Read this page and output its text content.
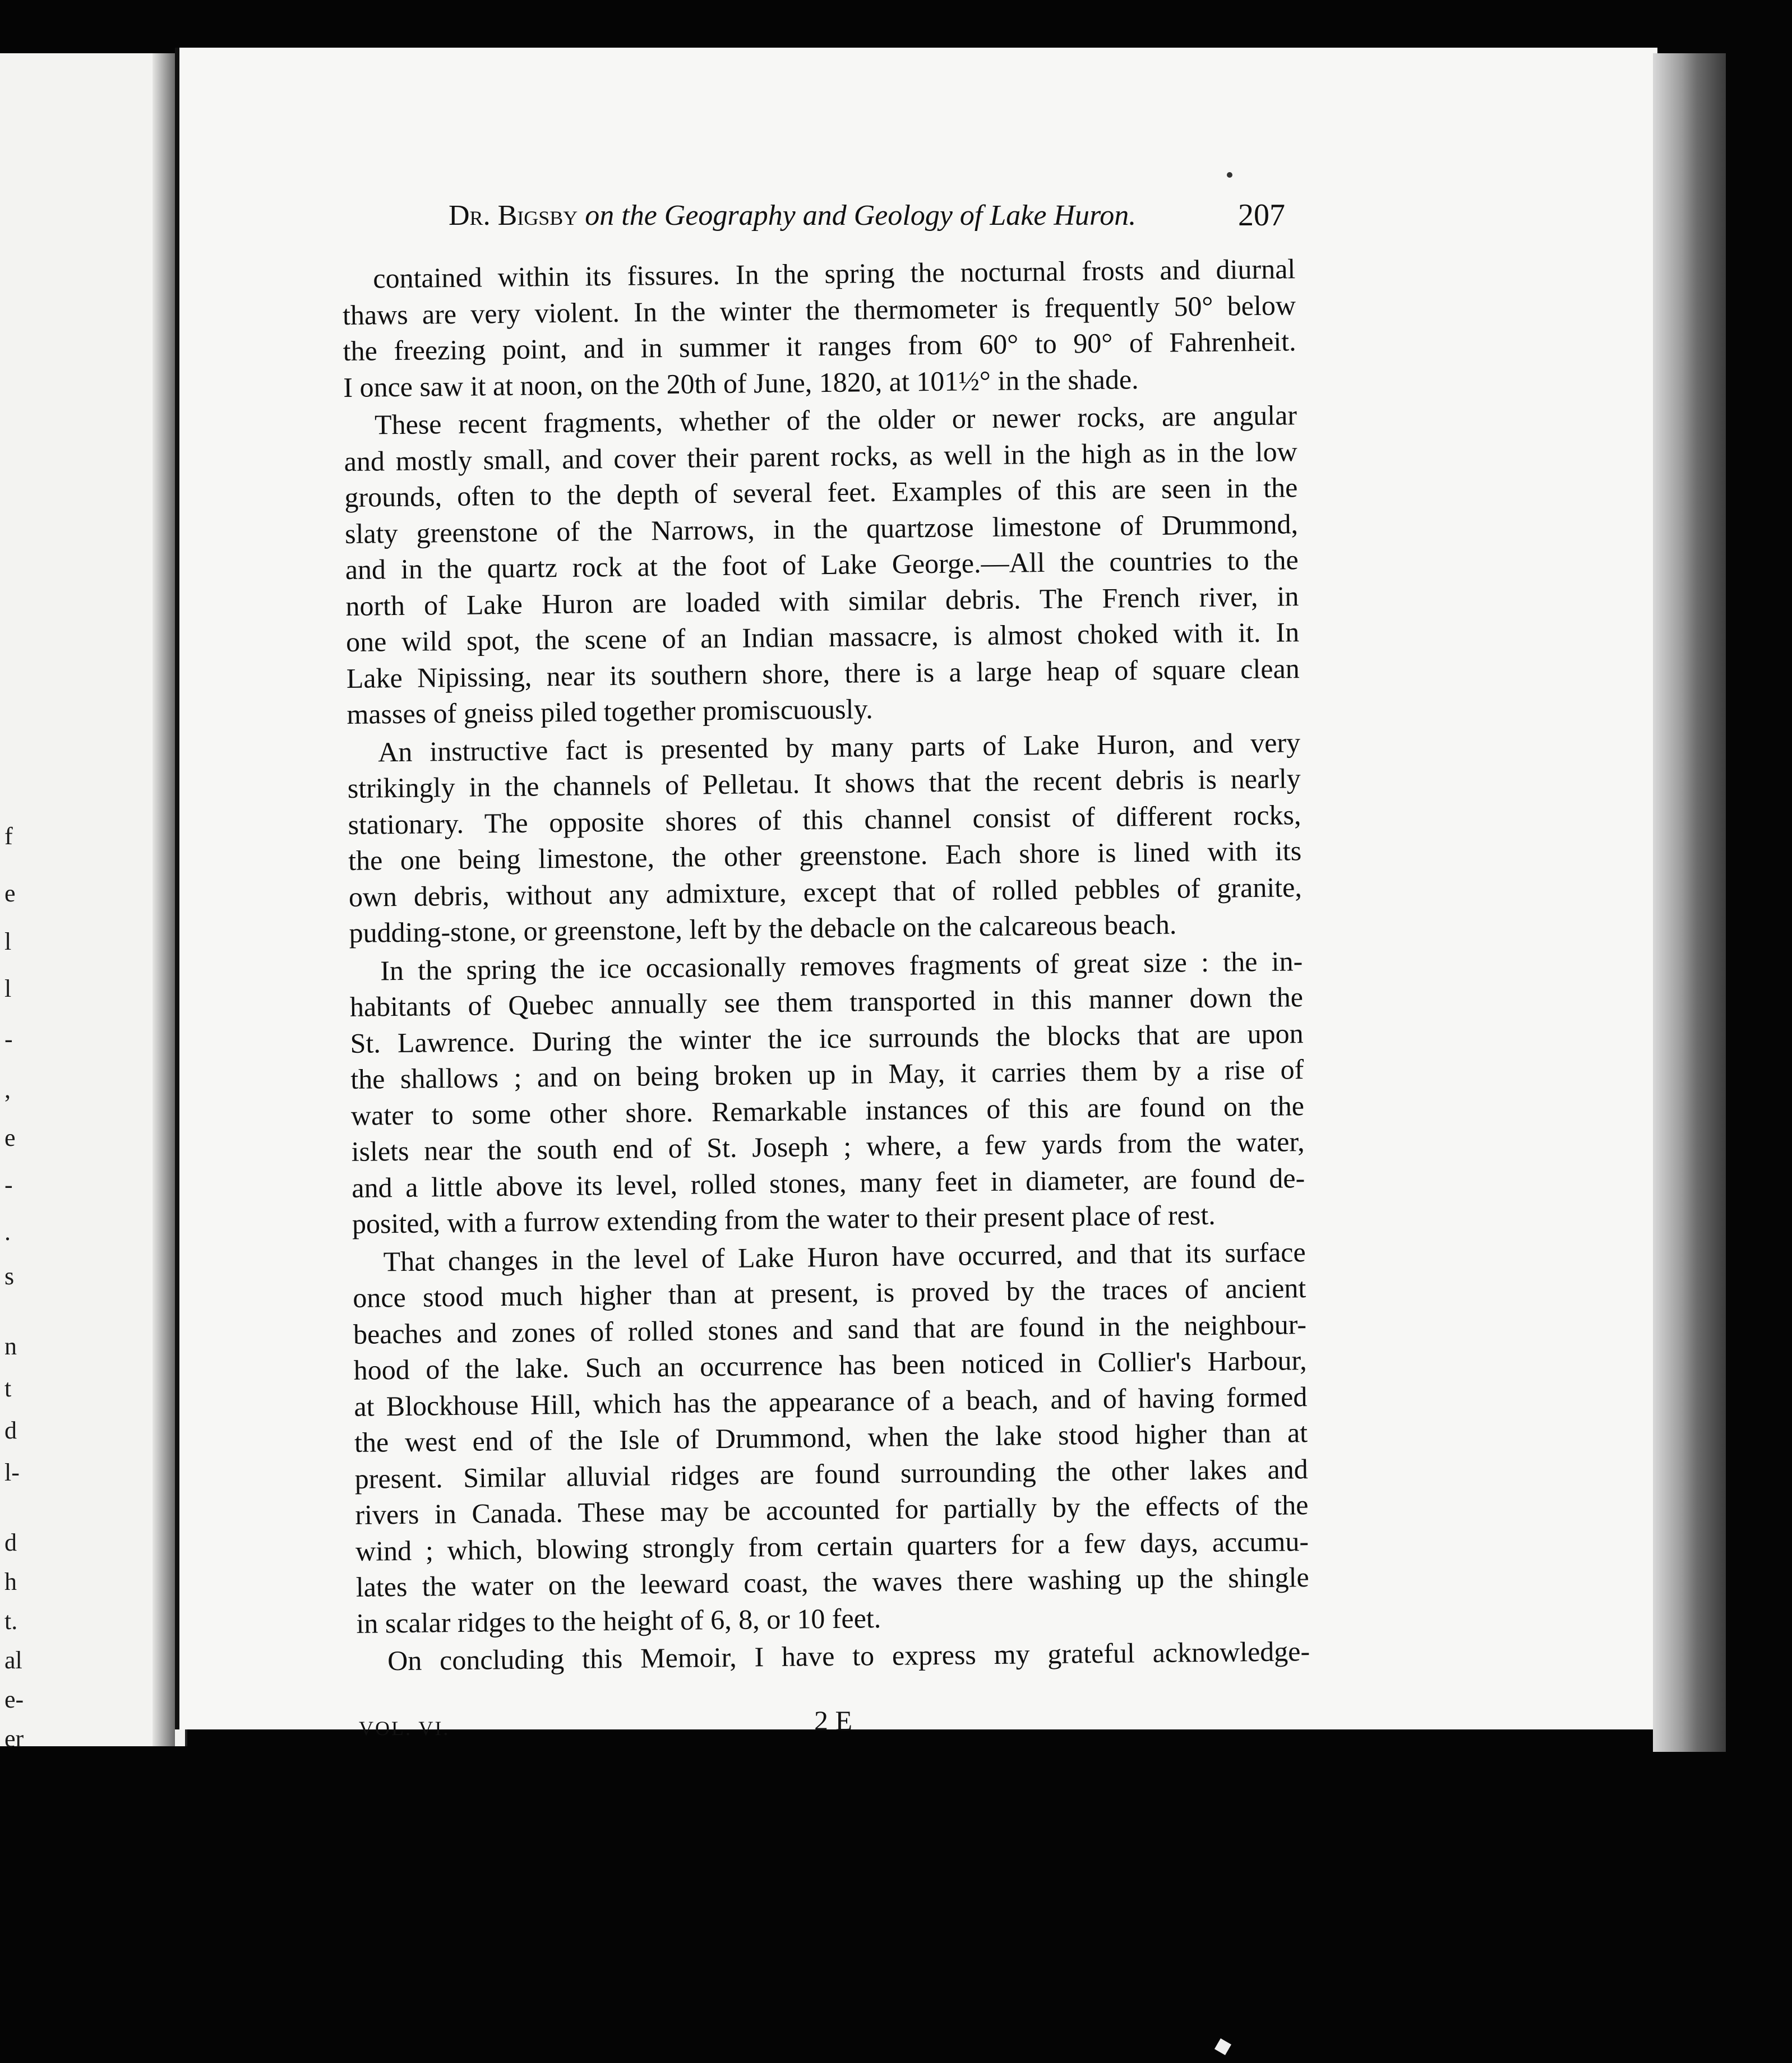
f
e
l
l
-
,
e
-
.
s
n
t
d
l-
d
h
t.
al
e-
er
Dr. Bigsby on the Geography and Geology of Lake Huron.	207
contained within its fissures. In the spring the nocturnal frosts and diurnal
thaws are very violent. In the winter the thermometer is frequently 50° below
the freezing point, and in summer it ranges from 60° to 90° of Fahrenheit.
I once saw it at noon, on the 20th of June, 1820, at 101½° in the shade.
These recent fragments, whether of the older or newer rocks, are angular
and mostly small, and cover their parent rocks, as well in the high as in the low
grounds, often to the depth of several feet. Examples of this are seen in the
slaty greenstone of the Narrows, in the quartzose limestone of Drummond,
and in the quartz rock at the foot of Lake George.—All the countries to the
north of Lake Huron are loaded with similar debris. The French river, in
one wild spot, the scene of an Indian massacre, is almost choked with it. In
Lake Nipissing, near its southern shore, there is a large heap of square clean
masses of gneiss piled together promiscuously.
An instructive fact is presented by many parts of Lake Huron, and very
strikingly in the channels of Pelletau. It shows that the recent debris is nearly
stationary. The opposite shores of this channel consist of different rocks,
the one being limestone, the other greenstone. Each shore is lined with its
own debris, without any admixture, except that of rolled pebbles of granite,
pudding-stone, or greenstone, left by the debacle on the calcareous beach.
In the spring the ice occasionally removes fragments of great size : the in-
habitants of Quebec annually see them transported in this manner down the
St. Lawrence. During the winter the ice surrounds the blocks that are upon
the shallows ; and on being broken up in May, it carries them by a rise of
water to some other shore. Remarkable instances of this are found on the
islets near the south end of St. Joseph ; where, a few yards from the water,
and a little above its level, rolled stones, many feet in diameter, are found de-
posited, with a furrow extending from the water to their present place of rest.
That changes in the level of Lake Huron have occurred, and that its surface
once stood much higher than at present, is proved by the traces of ancient
beaches and zones of rolled stones and sand that are found in the neighbour-
hood of the lake. Such an occurrence has been noticed in Collier's Harbour,
at Blockhouse Hill, which has the appearance of a beach, and of having formed
the west end of the Isle of Drummond, when the lake stood higher than at
present. Similar alluvial ridges are found surrounding the other lakes and
rivers in Canada. These may be accounted for partially by the effects of the
wind ; which, blowing strongly from certain quarters for a few days, accumu-
lates the water on the leeward coast, the waves there washing up the shingle
in scalar ridges to the height of 6, 8, or 10 feet.
On concluding this Memoir, I have to express my grateful acknowledge-
VOL. VI.	2 E
